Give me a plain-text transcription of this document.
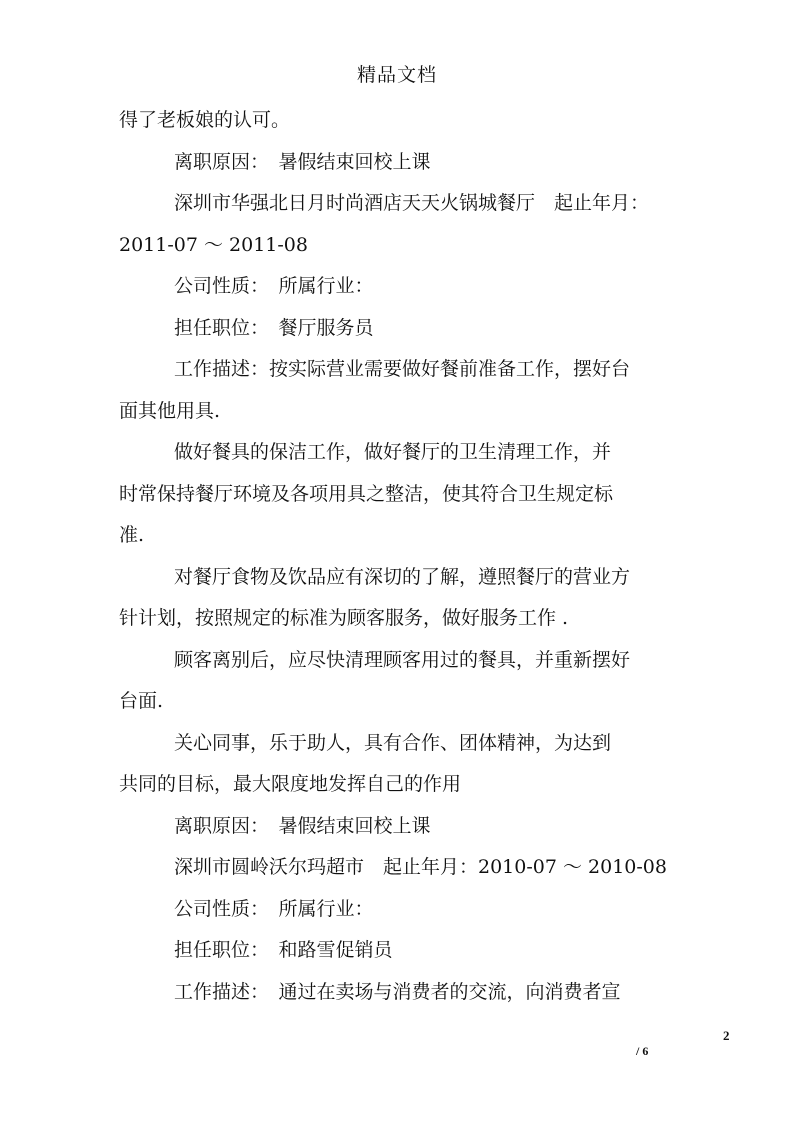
精品文档
得了老板娘的认可。
离职原因：　暑假结束回校上课
深圳市华强北日月时尚酒店天天火锅城餐厅　起止年月：
2011-07 ～ 2011-08
公司性质：　所属行业：
担任职位：　餐厅服务员
工作描述：按实际营业需要做好餐前准备工作，摆好台
面其他用具.
做好餐具的保洁工作，做好餐厅的卫生清理工作，并
时常保持餐厅环境及各项用具之整洁，使其符合卫生规定标
准.
对餐厅食物及饮品应有深切的了解，遵照餐厅的营业方
针计划，按照规定的标准为顾客服务，做好服务工作 .
顾客离别后，应尽快清理顾客用过的餐具，并重新摆好
台面.
关心同事，乐于助人，具有合作、团体精神，为达到
共同的目标，最大限度地发挥自己的作用
离职原因：　暑假结束回校上课
深圳市圆岭沃尔玛超市　起止年月：2010-07 ～ 2010-08
公司性质：　所属行业：
担任职位：　和路雪促销员
工作描述：　通过在卖场与消费者的交流，向消费者宣
2
/ 6
